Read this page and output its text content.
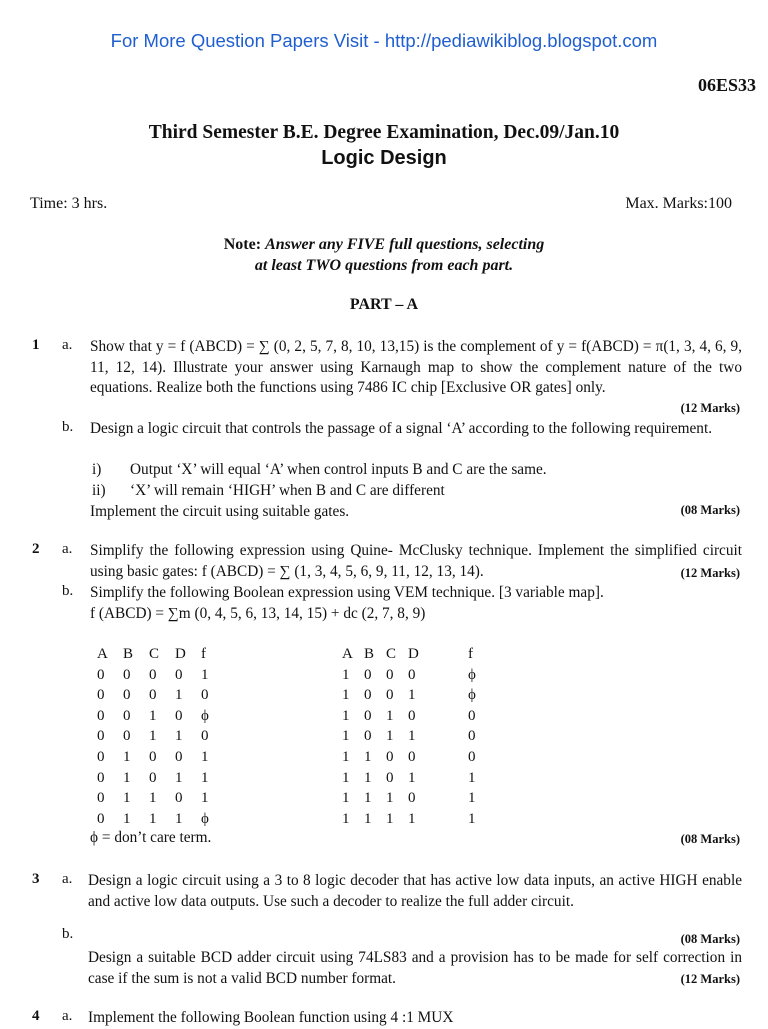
For More Question Papers Visit - http://pediawikiblog.blogspot.com
06ES33
Third Semester B.E. Degree Examination, Dec.09/Jan.10
Logic Design
Time: 3 hrs.	Max. Marks:100
Note: Answer any FIVE full questions, selecting
at least TWO questions from each part.
PART – A
1 a. Show that y = f (ABCD) = ∑ (0, 2, 5, 7, 8, 10, 13,15) is the complement of y = f(ABCD) = π(1, 3, 4, 6, 9, 11, 12, 14). Illustrate your answer using Karnaugh map to show the complement nature of the two equations. Realize both the functions using 7486 IC chip [Exclusive OR gates] only.
(12 Marks)
b. Design a logic circuit that controls the passage of a signal ‘A’ according to the following requirement.
i) Output ‘X’ will equal ‘A’ when control inputs B and C are the same.
ii) ‘X’ will remain ‘HIGH’ when B and C are different
Implement the circuit using suitable gates.	(08 Marks)
2 a. Simplify the following expression using Quine- McClusky technique. Implement the simplified circuit using basic gates: f (ABCD) = ∑ (1, 3, 4, 5, 6, 9, 11, 12, 13, 14).	(12 Marks)
b. Simplify the following Boolean expression using VEM technique. [3 variable map].
f (ABCD) = ∑m (0, 4, 5, 6, 13, 14, 15) + dc (2, 7, 8, 9)
A	B	C	D	f
0	0	0	0	1
0	0	0	1	0
0	0	1	0	ϕ
0	0	1	1	0
0	1	0	0	1
0	1	0	1	1
0	1	1	0	1
0	1	1	1	ϕ
A B C D	f
1 0 0 0	ϕ
1 0 0 1	ϕ
1 0 1 0	0
1 0 1 1	0
1 1 0 0	0
1 1 0 1	1
1 1 1 0	1
1 1 1 1	1
ϕ = don’t care term.	(08 Marks)
3 a. Design a logic circuit using a 3 to 8 logic decoder that has active low data inputs, an active HIGH enable and active low data outputs. Use such a decoder to realize the full adder circuit.
b.	(08 Marks)
Design a suitable BCD adder circuit using 74LS83 and a provision has to be made for self correction in case if the sum is not a valid BCD number format.	(12 Marks)
4 a. Implement the following Boolean function using 4 :1 MUX
